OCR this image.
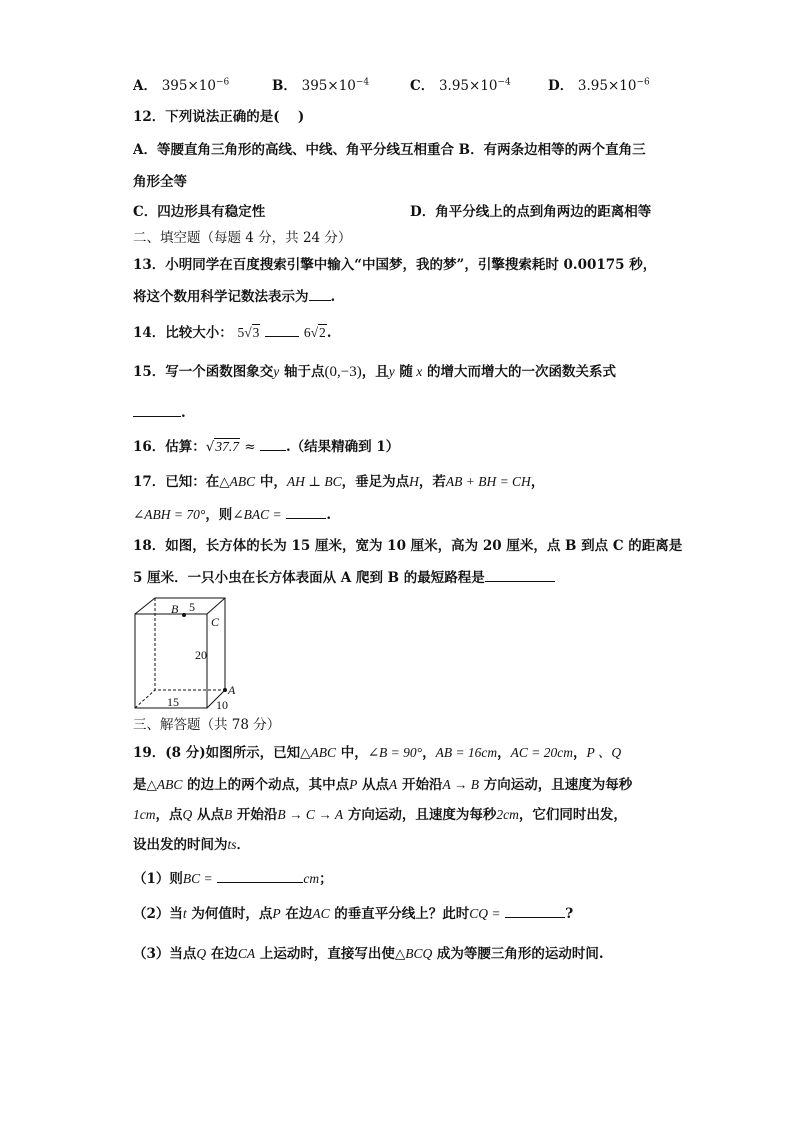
A． $395\times 10^{-6}$	B． $395\times 10^{-4}$	C． $3.95\times 10^{-4}$	D． $3.95\times 10^{-6}$
12．下列说法正确的是(　 )
A．等腰直角三角形的高线、中线、角平分线互相重合 B．有两条边相等的两个直角三
角形全等
C．四边形具有稳定性	D．角平分线上的点到角两边的距离相等
二、填空题（每题 4 分，共 24 分）
13．小明同学在百度搜索引擎中输入“中国梦，我的梦”，引擎搜索耗时 0.00175 秒，
将这个数用科学记数法表示为 .
14．比较大小： 5√3	6√2.
15．写一个函数图象交y 轴于点(0,−3)，且y 随 x 的增大而增大的一次函数关系式
.
16．估算：√37.7 ≈ .（结果精确到 1）
17．已知：在△ABC 中，AH ⊥ BC，垂足为点H，若AB + BH = CH，
∠ABH = 70°，则∠BAC =	.
18．如图，长方体的长为 15 厘米，宽为 10 厘米，高为 20 厘米，点 B 到点 C 的距离是
5 厘米．一只小虫在长方体表面从 A 爬到 B 的最短路程是
B 5
C
20
A
15	10
三、解答题（共 78 分）
19．(8 分)如图所示，已知△ABC 中，∠B = 90°，AB = 16cm，AC = 20cm，P 、Q
是△ABC 的边上的两个动点，其中点P 从点A 开始沿A → B 方向运动，且速度为每秒
1cm，点Q 从点B 开始沿B → C → A 方向运动，且速度为每秒2cm，它们同时出发，
设出发的时间为ts．
（1）则BC =	cm；
（2）当t 为何值时，点P 在边AC 的垂直平分线上？此时CQ =	?
（3）当点Q 在边CA 上运动时，直接写出使△BCQ 成为等腰三角形的运动时间.
